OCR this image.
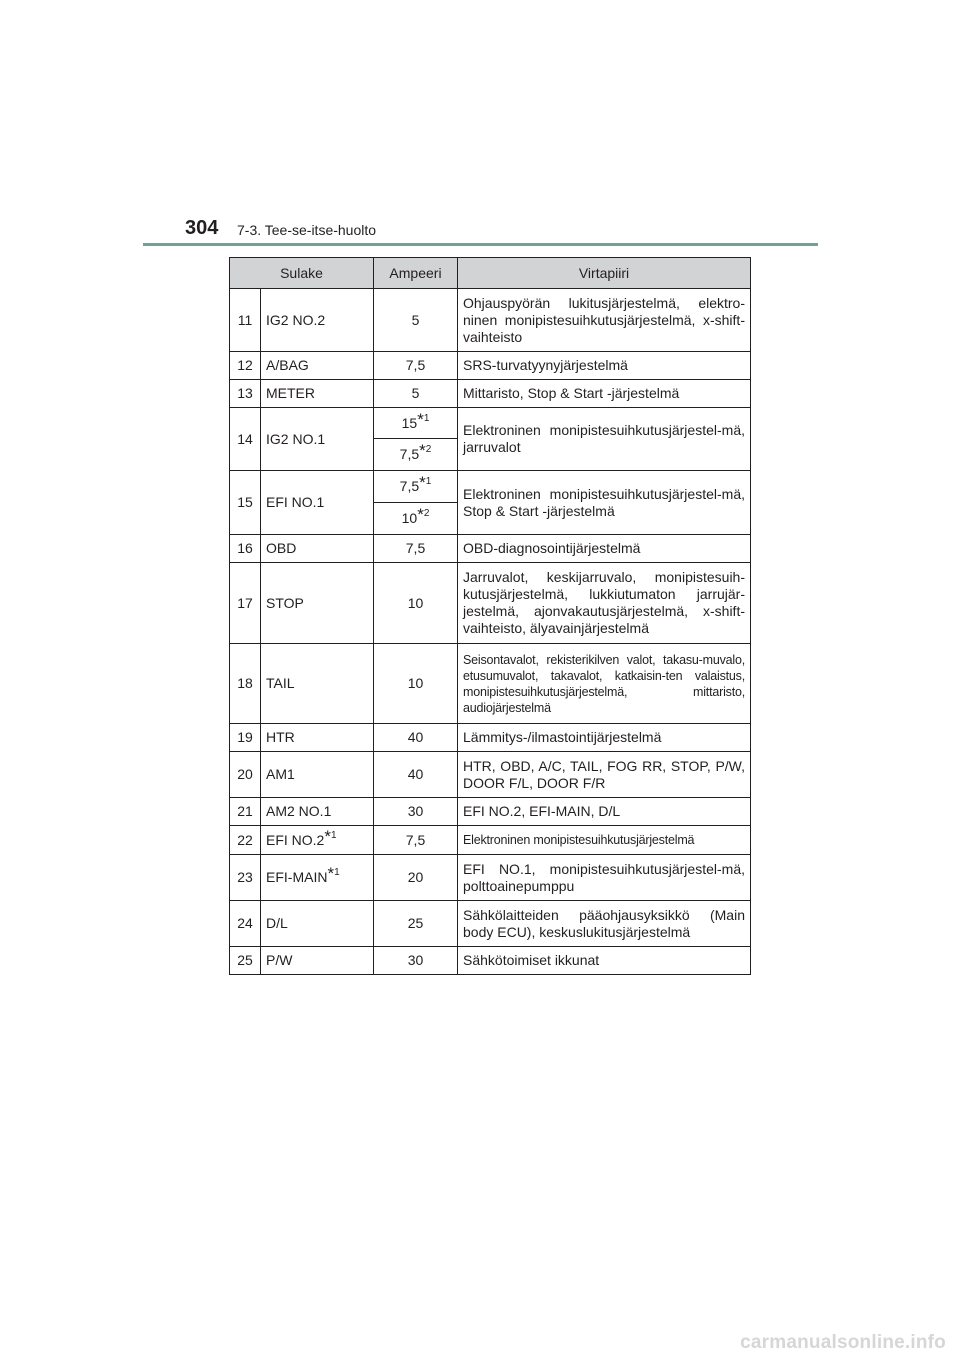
304 7-3. Tee-se-itse-huolto
Sulake		Ampeeri	Virtapiiri
11	IG2 NO.2	5	Ohjauspyörän lukitusjärjestelmä, elektro-ninen monipistesuihkutusjärjestelmä, x-shift-vaihteisto
12	A/BAG	7,5	SRS-turvatyynyjärjestelmä
13	METER	5	Mittaristo, Stop & Start -järjestelmä
14	IG2 NO.1	15*$^1$	Elektroninen monipistesuihkutusjärjestel-mä, jarruvalot
		7,5*$^2$
15	EFI NO.1	7,5*$^1$	Elektroninen monipistesuihkutusjärjestel-mä, Stop & Start -järjestelmä
		10*$^2$
16	OBD	7,5	OBD-diagnosointijärjestelmä
17	STOP	10	Jarruvalot, keskijarruvalo, monipistesuih-kutusjärjestelmä, lukkiutumaton jarrujär-jestelmä, ajonvakautusjärjestelmä, x-shift-vaihteisto, älyavainjärjestelmä
18	TAIL	10	Seisontavalot, rekisterikilven valot, takasu-muvalo, etusumuvalot, takavalot, katkaisin-ten valaistus, monipistesuihkutusjärjestelmä, mittaristo, audiojärjestelmä
19	HTR	40	Lämmitys-/ilmastointijärjestelmä
20	AM1	40	HTR, OBD, A/C, TAIL, FOG RR, STOP, P/W, DOOR F/L, DOOR F/R
21	AM2 NO.1	30	EFI NO.2, EFI-MAIN, D/L
22	EFI NO.2*$^1$	7,5	Elektroninen monipistesuihkutusjärjestelmä
23	EFI-MAIN*$^1$	20	EFI NO.1, monipistesuihkutusjärjestel-mä, polttoainepumppu
24	D/L	25	Sähkölaitteiden pääohjausyksikkö (Main body ECU), keskuslukitusjärjestelmä
25	P/W	30	Sähkötoimiset ikkunat
carmanualsonline.info
